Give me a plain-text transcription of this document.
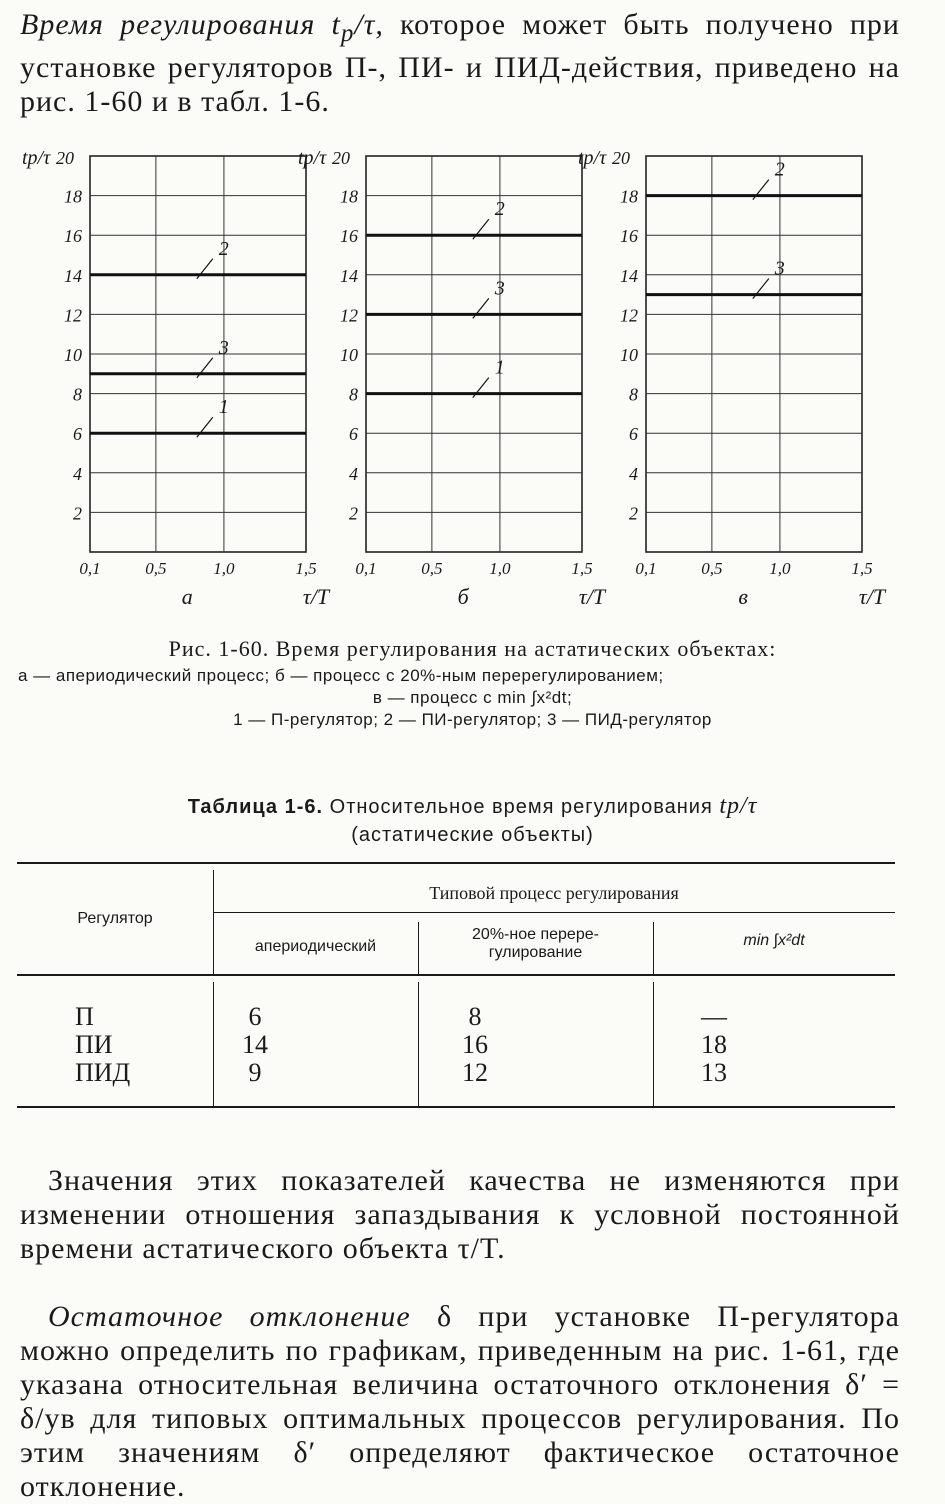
Время регулирования $t_р/\tau$, которое может быть получено при установке регуляторов П-, ПИ- и ПИД-действия, приведено на рис. 1-60 и в табл. 1-6.

2
4
6
8
10
12
14
16
18
20
tр/τ
0,1	0,5	1,0	1,5
а	τ/T
2
3
1
2
4
6
8
10
12
14
16
18
20
tр/τ
0,1	0,5	1,0	1,5
б	τ/T
2
3
1
2
4
6
8
10
12
14
16
18
20
tр/τ
0,1	0,5	1,0	1,5
в	τ/T
2
3
Рис. 1-60. Время регулирования на астатических объектах:
а — апериодический процесс; б — процесс с 20%-ным перерегулированием;
в — процесс с min ∫x²dt;
1 — П-регулятор; 2 — ПИ-регулятор; 3 — ПИД-регулятор
Таблица 1-6. Относительное время регулирования tр/τ
(астатические объекты)
Регулятор
Типовой процесс регулирования
апериодический
20%-ное перере-
гулирование
min ∫x²dt
П	6	8	—
ПИ	14	16	18
ПИД	9	12	13

Значения этих показателей качества не изменяются при изменении отношения запаздывания к условной постоянной времени астатического объекта τ/T.

Остаточное отклонение δ при установке П-регулятора можно определить по графикам, приведенным на рис. 1-61, где указана относительная величина остаточного отклонения δ′ = δ/yв для типовых оптимальных процессов регулирования. По этим значениям δ′ определяют фактическое остаточное отклонение.
